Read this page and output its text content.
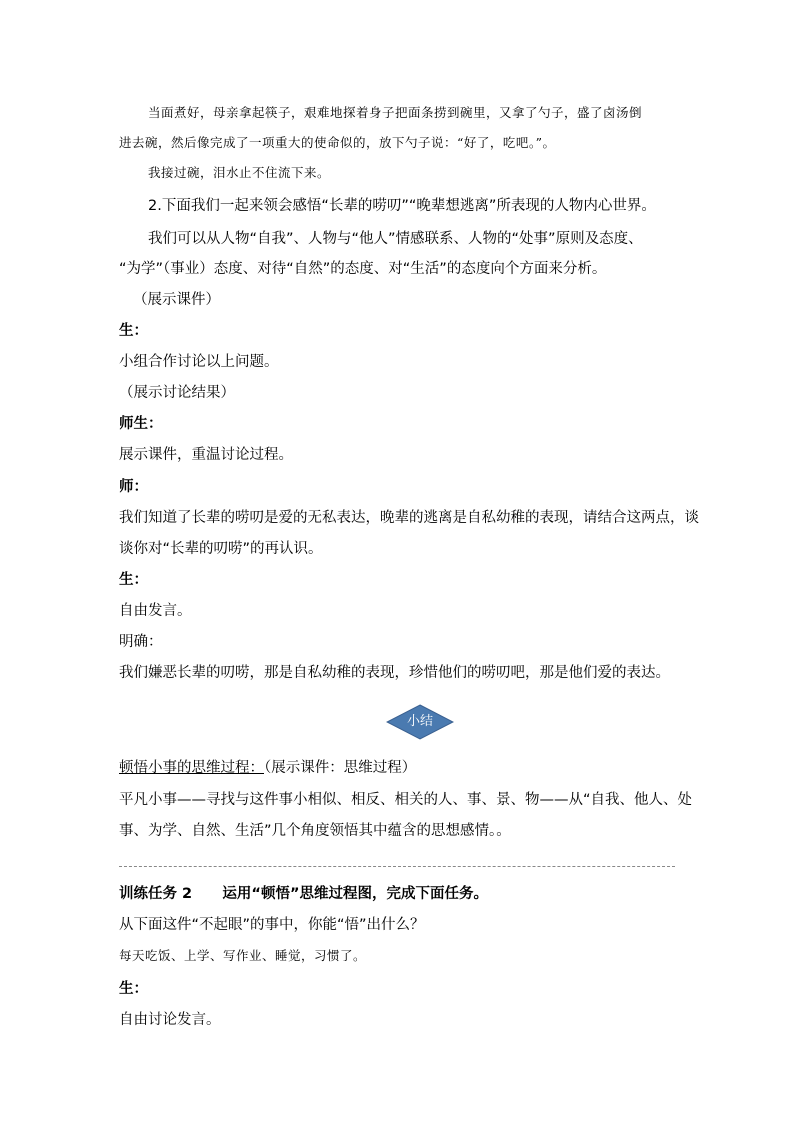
当面煮好，母亲拿起筷子，艰难地探着身子把面条捞到碗里，又拿了勺子，盛了卤汤倒
进去碗，然后像完成了一项重大的使命似的，放下勺子说：“好了，吃吧。”。
我接过碗，泪水止不住流下来。
2.下面我们一起来领会感悟“长辈的唠叨”“晚辈想逃离”所表现的人物内心世界。
我们可以从人物“自我”、人物与“他人”情感联系、人物的“处事”原则及态度、
“为学”（事业）态度、对待“自然”的态度、对“生活”的态度向个方面来分析。
（展示课件）
生：
小组合作讨论以上问题。
（展示讨论结果）
师生：
展示课件，重温讨论过程。
师：
我们知道了长辈的唠叨是爱的无私表达，晚辈的逃离是自私幼稚的表现，请结合这两点，谈
谈你对“长辈的叨唠”的再认识。
生：
自由发言。
明确：
我们嫌恶长辈的叨唠，那是自私幼稚的表现，珍惜他们的唠叨吧，那是他们爱的表达。
小结
顿悟小事的思维过程：（展示课件：思维过程）
平凡小事——寻找与这件事小相似、相反、相关的人、事、景、物——从“自我、他人、处
事、为学、自然、生活”几个角度领悟其中蕴含的思想感情。。
训练任务 2      运用“顿悟”思维过程图，完成下面任务。
从下面这件“不起眼”的事中，你能“悟”出什么？
每天吃饭、上学、写作业、睡觉，习惯了。
生：
自由讨论发言。
